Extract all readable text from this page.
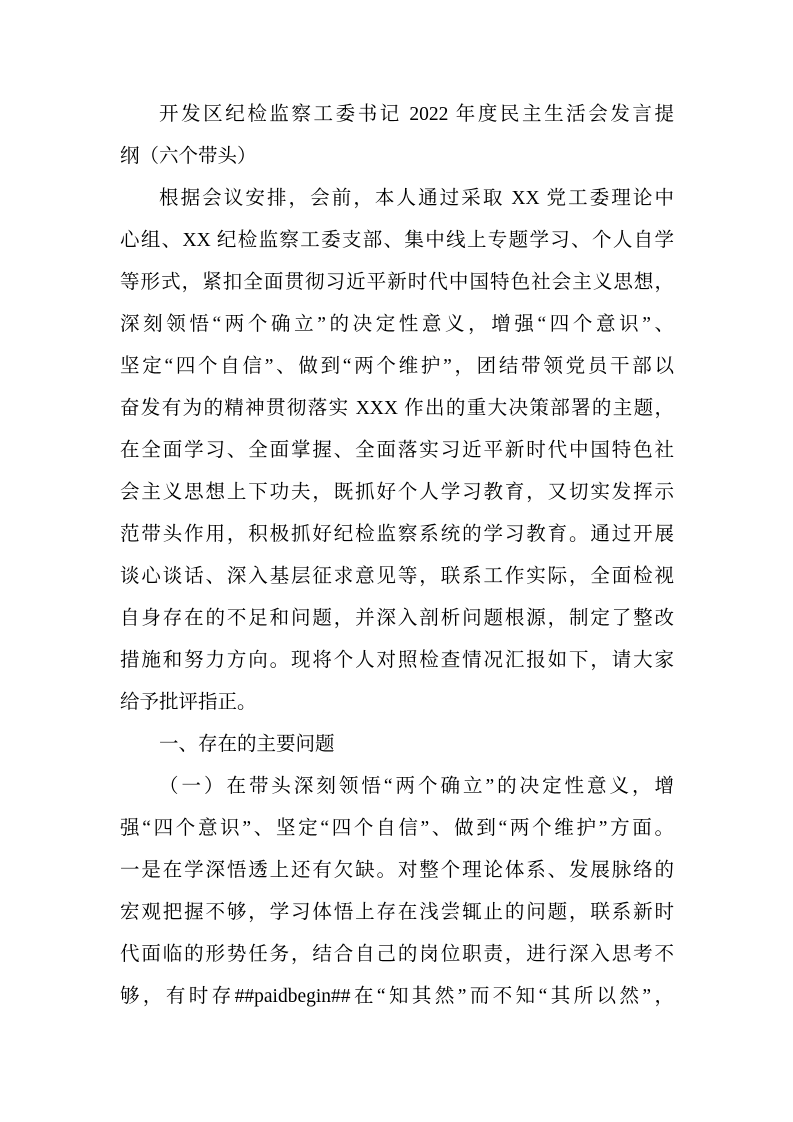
开发区纪检监察工委书记 2022 年度民主生活会发言提
纲（六个带头）
根据会议安排，会前，本人通过采取 XX 党工委理论中
心组、XX 纪检监察工委支部、集中线上专题学习、个人自学
等形式，紧扣全面贯彻习近平新时代中国特色社会主义思想，
深刻领悟“两个确立”的决定性意义，增强“四个意识”、
坚定“四个自信”、做到“两个维护”，团结带领党员干部以
奋发有为的精神贯彻落实 XXX 作出的重大决策部署的主题，
在全面学习、全面掌握、全面落实习近平新时代中国特色社
会主义思想上下功夫，既抓好个人学习教育，又切实发挥示
范带头作用，积极抓好纪检监察系统的学习教育。通过开展
谈心谈话、深入基层征求意见等，联系工作实际，全面检视
自身存在的不足和问题，并深入剖析问题根源，制定了整改
措施和努力方向。现将个人对照检查情况汇报如下，请大家
给予批评指正。
一、存在的主要问题
（一）在带头深刻领悟“两个确立”的决定性意义，增
强“四个意识”、坚定“四个自信”、做到“两个维护”方面。
一是在学深悟透上还有欠缺。对整个理论体系、发展脉络的
宏观把握不够，学习体悟上存在浅尝辄止的问题，联系新时
代面临的形势任务，结合自己的岗位职责，进行深入思考不
够，有时存##paidbegin##在“知其然”而不知“其所以然”，
